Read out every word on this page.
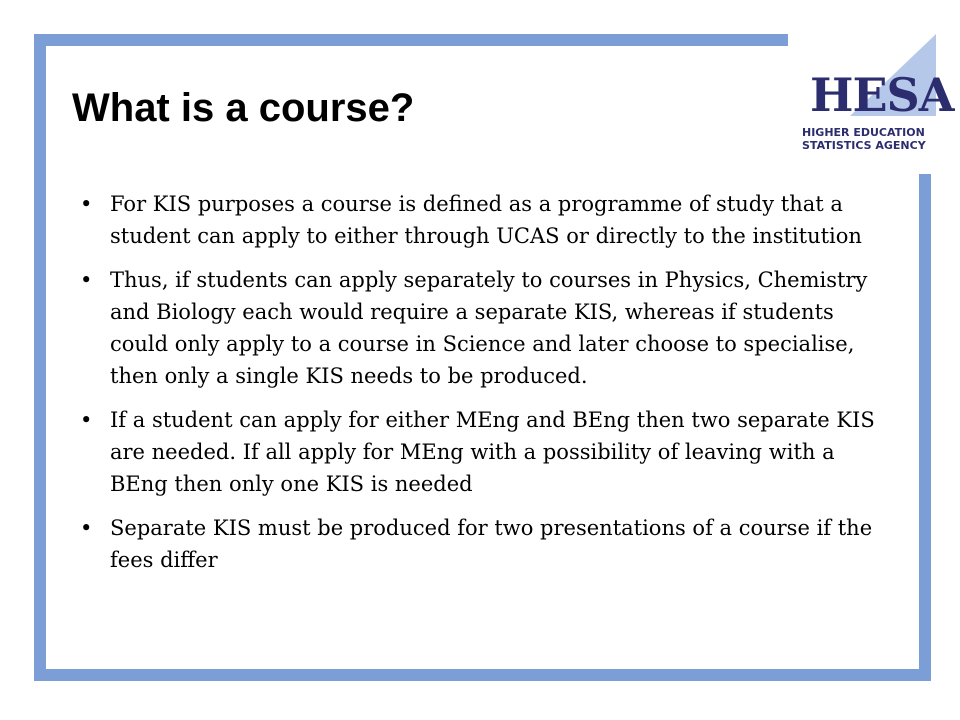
HESA
HIGHER EDUCATION
STATISTICS AGENCY
What is a course?
• For KIS purposes a course is defined as a programme of study that a student can apply to either through UCAS or directly to the institution
• Thus, if students can apply separately to courses in Physics, Chemistry and Biology each would require a separate KIS, whereas if students could only apply to a course in Science and later choose to specialise, then only a single KIS needs to be produced.
• If a student can apply for either MEng and BEng then two separate KIS are needed. If all apply for MEng with a possibility of leaving with a BEng then only one KIS is needed
• Separate KIS must be produced for two presentations of a course if the fees differ
